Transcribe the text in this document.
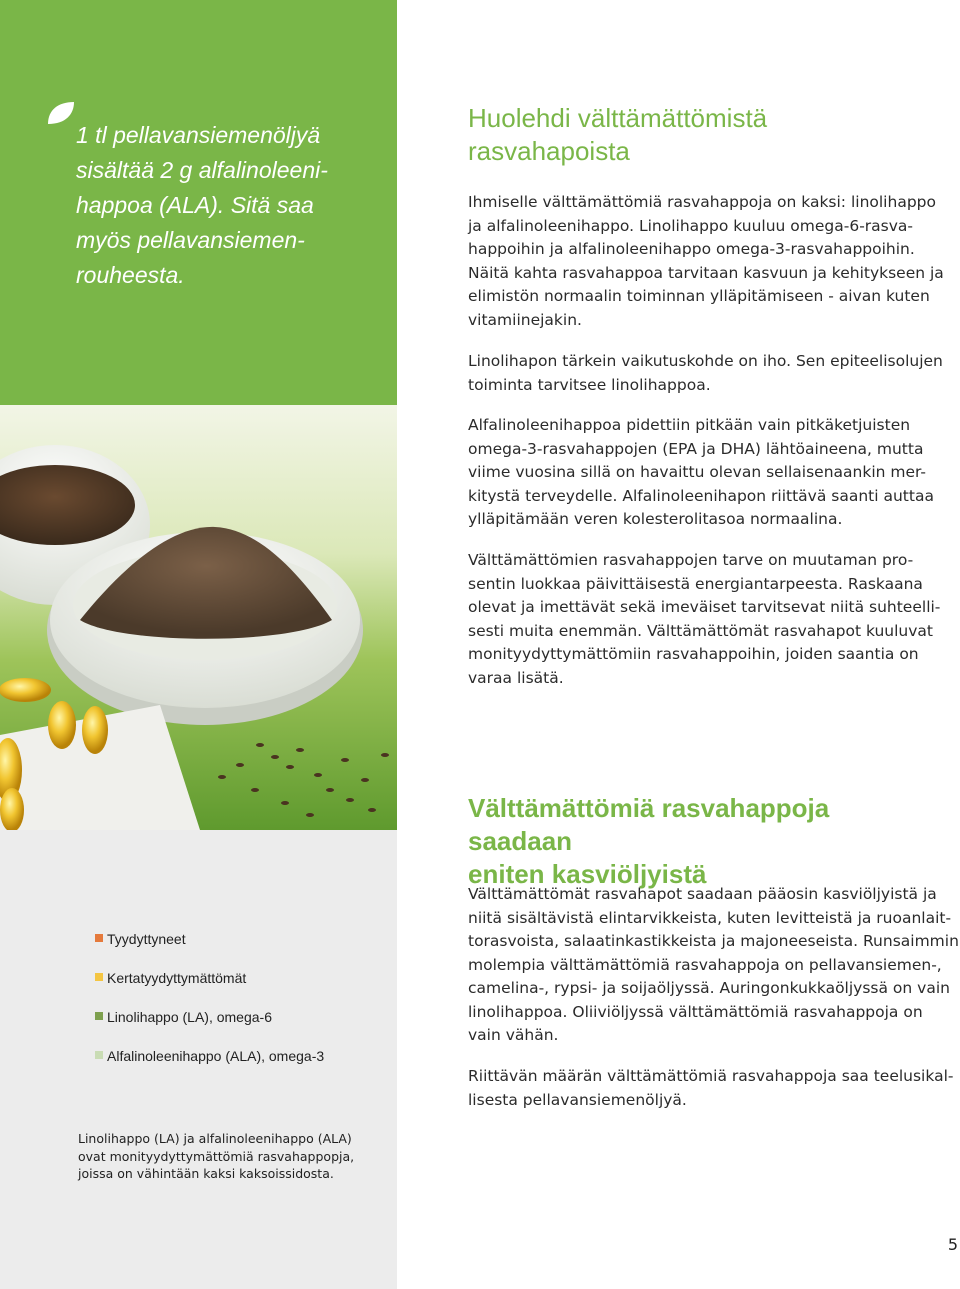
1 tl pellavansiemenöljyä
sisältää 2 g alfalinoleeni-
happoa (ALA). Sitä saa
myös pellavansiemen-
rouheesta.
Tyydyttyneet
Kertatyydyttymättömät
Linolihappo (LA), omega-6
Alfalinoleenihappo (ALA), omega-3
Linolihappo (LA) ja alfalinoleenihappo (ALA)
ovat monityydyttymättömiä rasvahappopja,
joissa on vähintään kaksi kaksoissidosta.
Huolehdi välttämättömistä
rasvahapoista
Ihmiselle välttämättömiä rasvahappoja on kaksi: linolihappo
ja alfalinoleenihappo. Linolihappo kuuluu omega-6-rasva-
happoihin ja alfalinoleenihappo omega-3-rasvahappoihin.
Näitä kahta rasvahappoa tarvitaan kasvuun ja kehitykseen ja
elimistön normaalin toiminnan ylläpitämiseen - aivan kuten
vitamiinejakin.
Linolihapon tärkein vaikutuskohde on iho. Sen epiteelisolujen
toiminta tarvitsee linolihappoa.
Alfalinoleenihappoa pidettiin pitkään vain pitkäketjuisten
omega-3-rasvahappojen (EPA ja DHA) lähtöaineena, mutta
viime vuosina sillä on havaittu olevan sellaisenaankin mer-
kitystä terveydelle. Alfalinoleenihapon riittävä saanti auttaa
ylläpitämään veren kolesterolitasoa normaalina.
Välttämättömien rasvahappojen tarve on muutaman pro-
sentin luokkaa päivittäisestä energiantarpeesta. Raskaana
olevat ja imettävät sekä imeväiset tarvitsevat niitä suhteelli-
sesti muita enemmän. Välttämättömät rasvahapot kuuluvat
monityydyttymättömiin rasvahappoihin, joiden saantia on
varaa lisätä.
Välttämättömiä rasvahappoja saadaan
eniten kasviöljyistä
Välttämättömät rasvahapot saadaan pääosin kasviöljyistä ja
niitä sisältävistä elintarvikkeista, kuten levitteistä ja ruoanlait-
torasvoista, salaatinkastikkeista ja majoneeseista. Runsaimmin
molempia välttämättömiä rasvahappoja on pellavansiemen-,
camelina-, rypsi- ja soijaöljyssä. Auringonkukkaöljyssä on vain
linolihappoa. Oliiviöljyssä välttämättömiä rasvahappoja on
vain vähän.
Riittävän määrän välttämättömiä rasvahappoja saa teelusikal-
lisesta pellavansiemenöljyä.
5
